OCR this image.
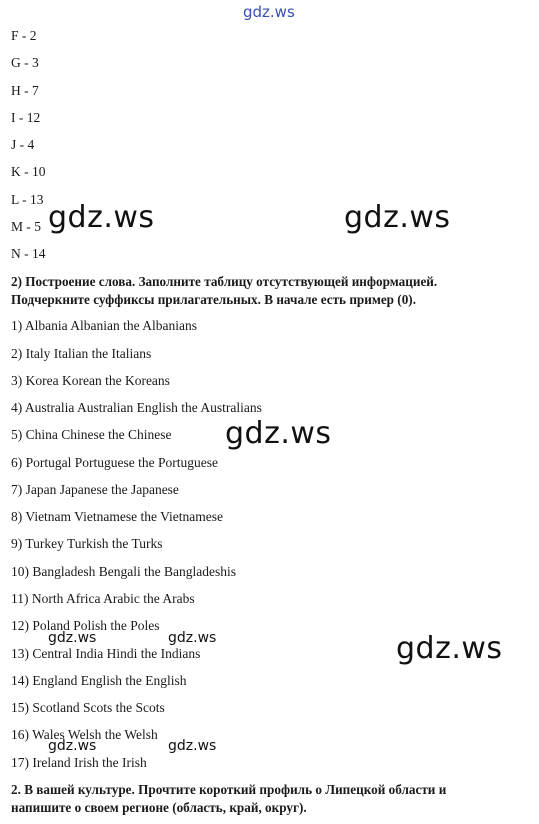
gdz.ws
F - 2
G - 3
H - 7
I - 12
J - 4
K - 10
L - 13
M - 5
N - 14
2) Построение слова. Заполните таблицу отсутствующей информацией.
Подчеркните суффиксы прилагательных. В начале есть пример (0).
1) Albania Albanian the Albanians
2) Italy Italian the Italians
3) Korea Korean the Koreans
4) Australia Australian English the Australians
5) China Chinese the Chinese
6) Portugal Portuguese the Portuguese
7) Japan Japanese the Japanese
8) Vietnam Vietnamese the Vietnamese
9) Turkey Turkish the Turks
10) Bangladesh Bengali the Bangladeshis
11) North Africa Arabic the Arabs
12) Poland Polish the Poles
13) Central India Hindi the Indians
14) England English the English
15) Scotland Scots the Scots
16) Wales Welsh the Welsh
17) Ireland Irish the Irish
2. В вашей культуре. Прочтите короткий профиль о Липецкой области и
напишите о своем регионе (область, край, округ).
gdz.ws	gdz.ws
gdz.ws
gdz.ws
gdz.ws	gdz.ws
gdz.ws	gdz.ws
